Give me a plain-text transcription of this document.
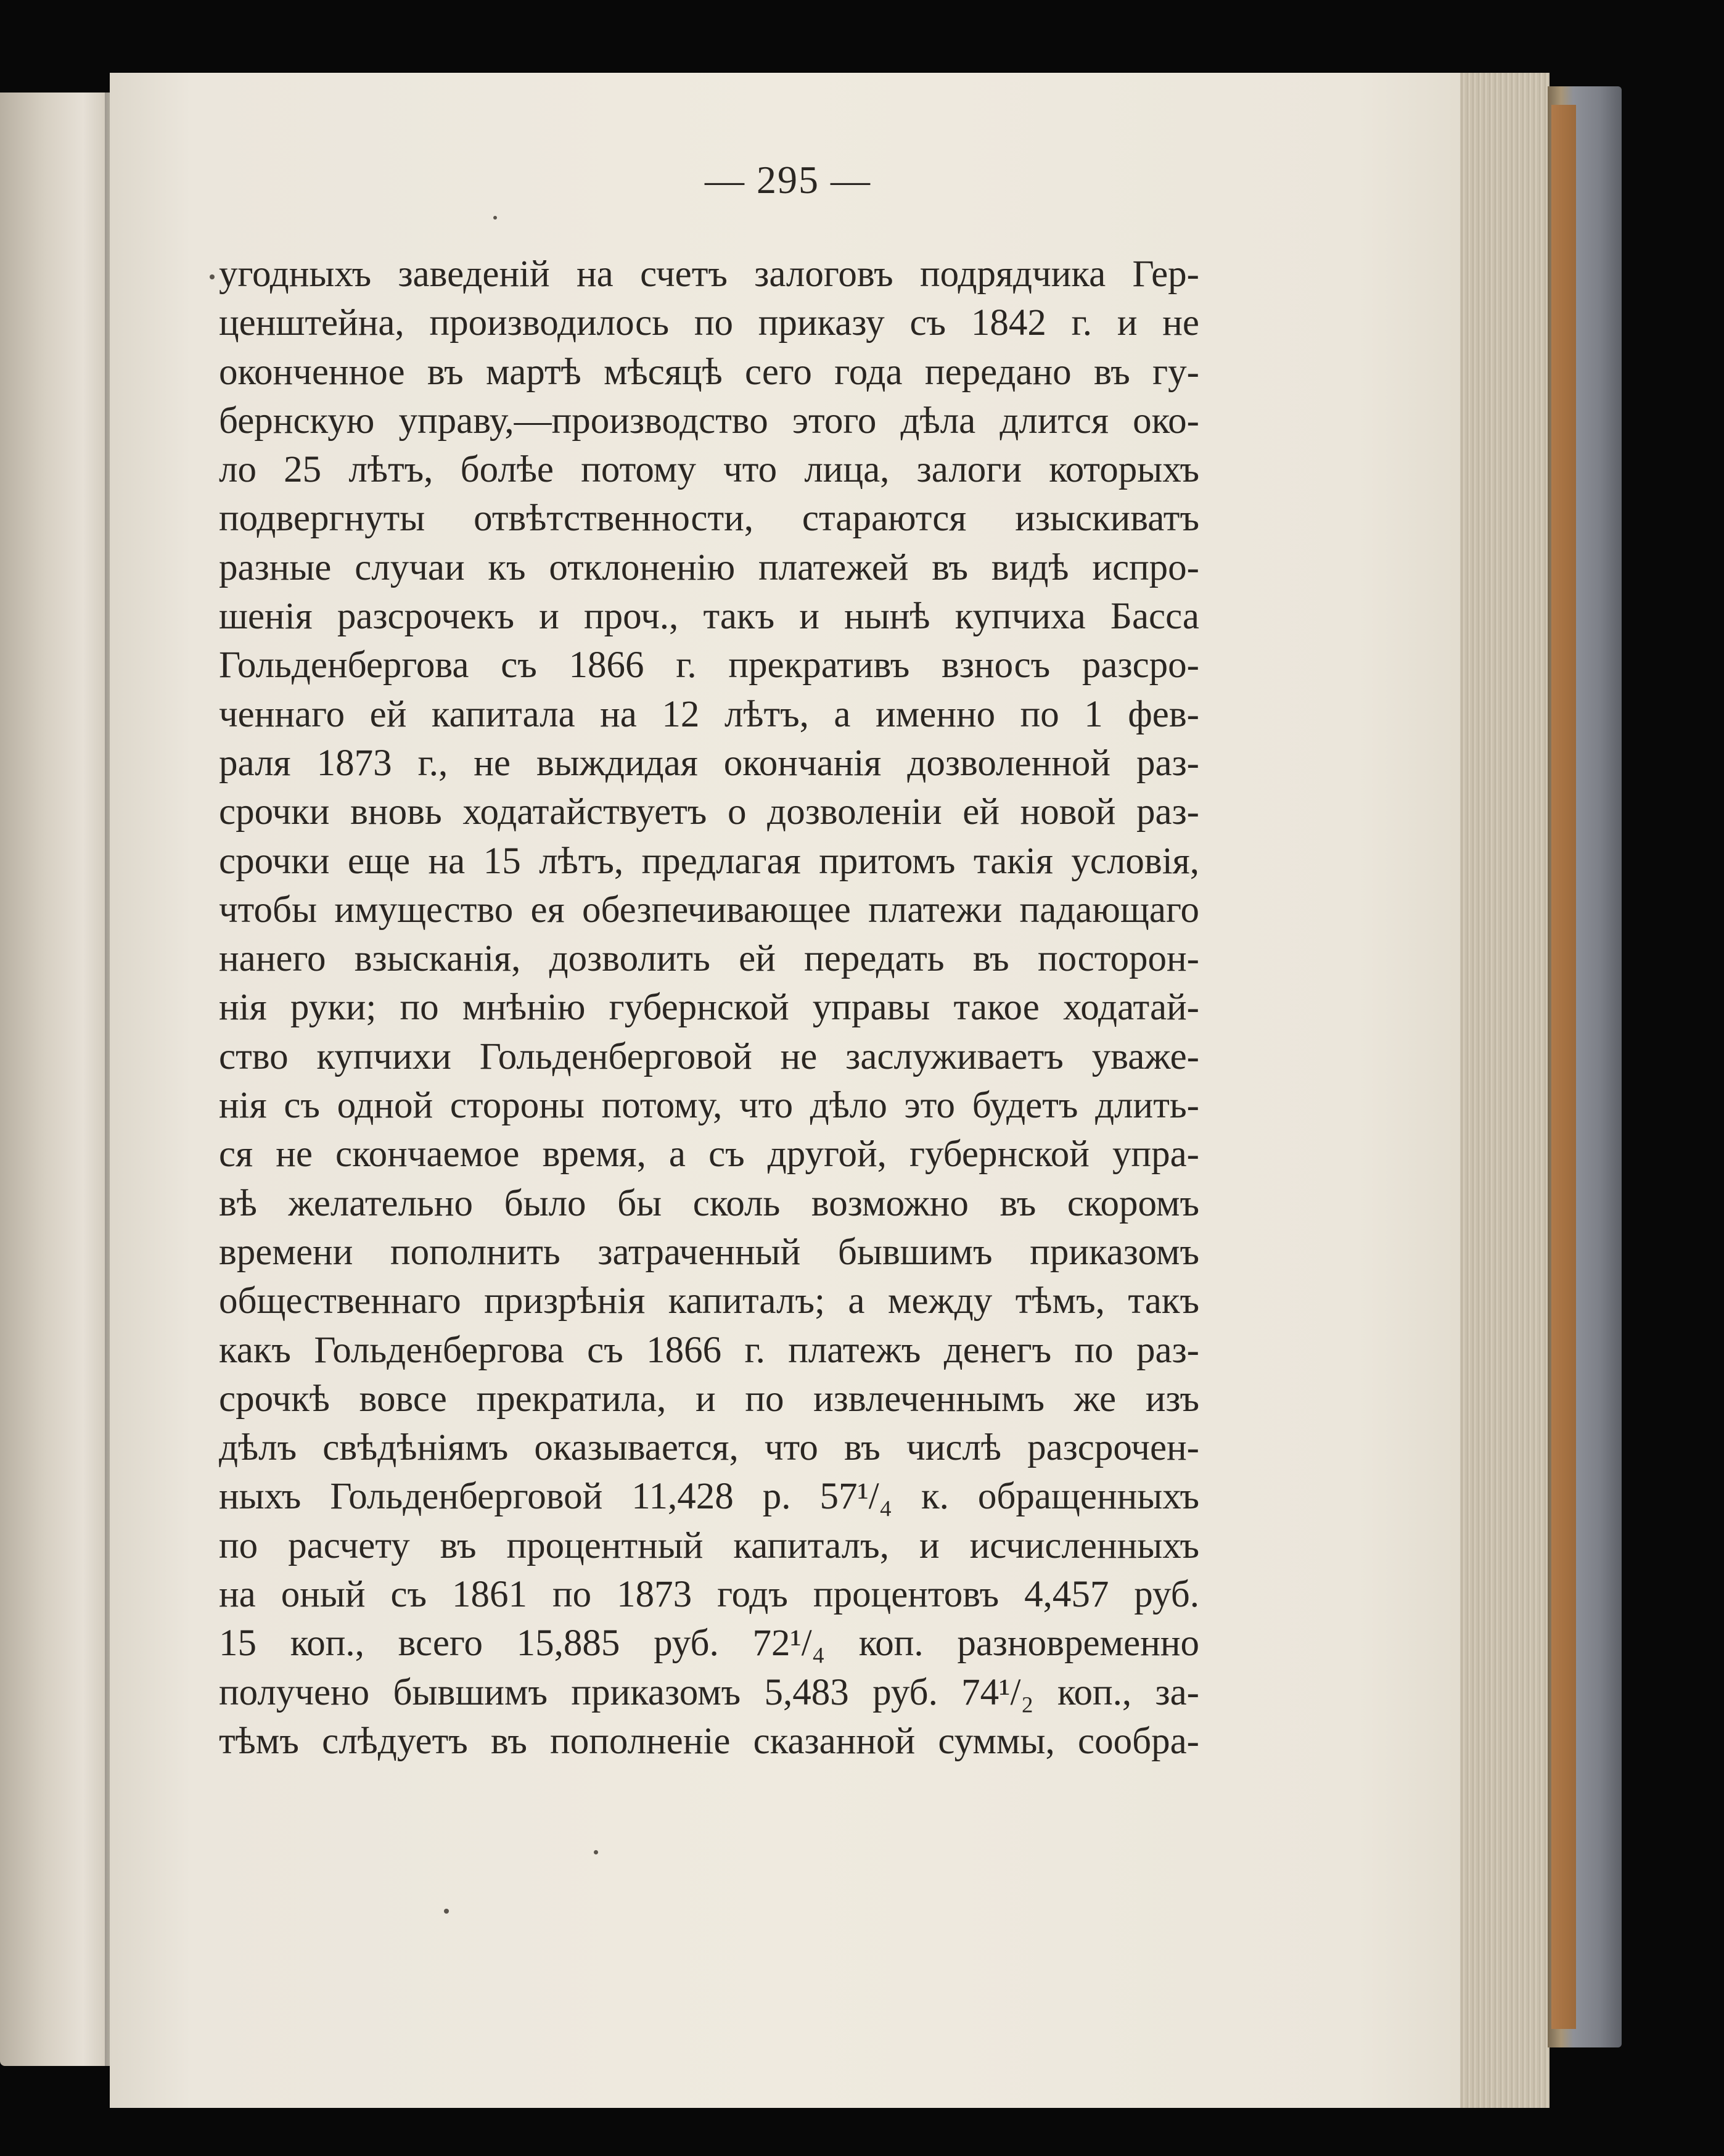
— 295 —
угодныхъ заведенiй на счетъ залоговъ подрядчика Гер-
ценштейна, производилось по приказу съ 1842 г. и не
оконченное въ мартѣ мѣсяцѣ сего года передано въ гу-
бернскую управу,—производство этого дѣла длится око-
ло 25 лѣтъ, болѣе потому что лица, залоги которыхъ
подвергнуты отвѣтственности, стараются изыскиватъ
разные случаи къ отклоненiю платежей въ видѣ испро-
шенiя разсрочекъ и проч., такъ и нынѣ купчиха Басса
Гольденбергова съ 1866 г. прекративъ взносъ разсро-
ченнаго ей капитала на 12 лѣтъ, а именно по 1 фев-
раля 1873 г., не выждидая окончанiя дозволенной раз-
срочки вновь ходатайствуетъ о дозволенiи ей новой раз-
срочки еще на 15 лѣтъ, предлагая притомъ такiя условiя,
чтобы имущество ея обезпечивающее платежи падающаго
нанего взысканiя, дозволить ей передать въ посторон-
нiя руки; по мнѣнiю губернской управы такое ходатай-
ство купчихи Гольденберговой не заслуживаетъ уваже-
нiя съ одной стороны потому, что дѣло это будетъ длить-
ся не скончаемое время, а съ другой, губернской упра-
вѣ желательно было бы сколь возможно въ скоромъ
времени пополнить затраченный бывшимъ приказомъ
общественнаго призрѣнiя капиталъ; а между тѣмъ, такъ
какъ Гольденбергова съ 1866 г. платежъ денегъ по раз-
срочкѣ вовсе прекратила, и по извлеченнымъ же изъ
дѣлъ свѣдѣнiямъ оказывается, что въ числѣ разсрочен-
ныхъ Гольденберговой 11,428 р. 57¹/₄ к. обращенныхъ
по расчету въ процентный капиталъ, и исчисленныхъ
на оный съ 1861 по 1873 годъ процентовъ 4,457 руб.
15 коп., всего 15,885 руб. 72¹/₄ коп. разновременно
получено бывшимъ приказомъ 5,483 руб. 74¹/₂ коп., за-
тѣмъ слѣдуетъ въ пополненiе сказанной суммы, сообра-
